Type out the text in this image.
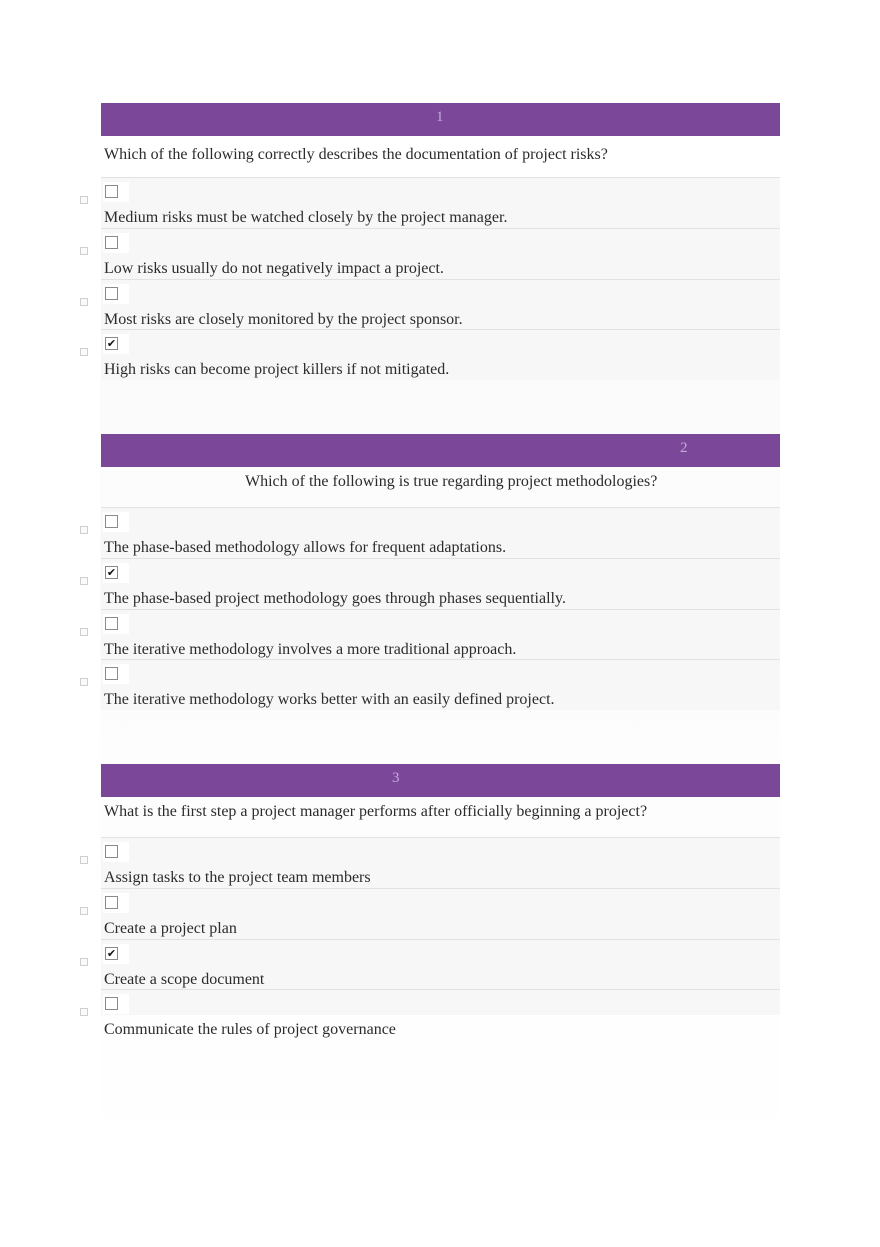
1
Which of the following correctly describes the documentation of project risks?
Medium risks must be watched closely by the project manager.
Low risks usually do not negatively impact a project.
Most risks are closely monitored by the project sponsor.
✔
High risks can become project killers if not mitigated.
2
Which of the following is true regarding project methodologies?
The phase-based methodology allows for frequent adaptations.
✔
The phase-based project methodology goes through phases sequentially.
The iterative methodology involves a more traditional approach.
The iterative methodology works better with an easily defined project.
3
What is the first step a project manager performs after officially beginning a project?
Assign tasks to the project team members
Create a project plan
✔
Create a scope document
Communicate the rules of project governance
